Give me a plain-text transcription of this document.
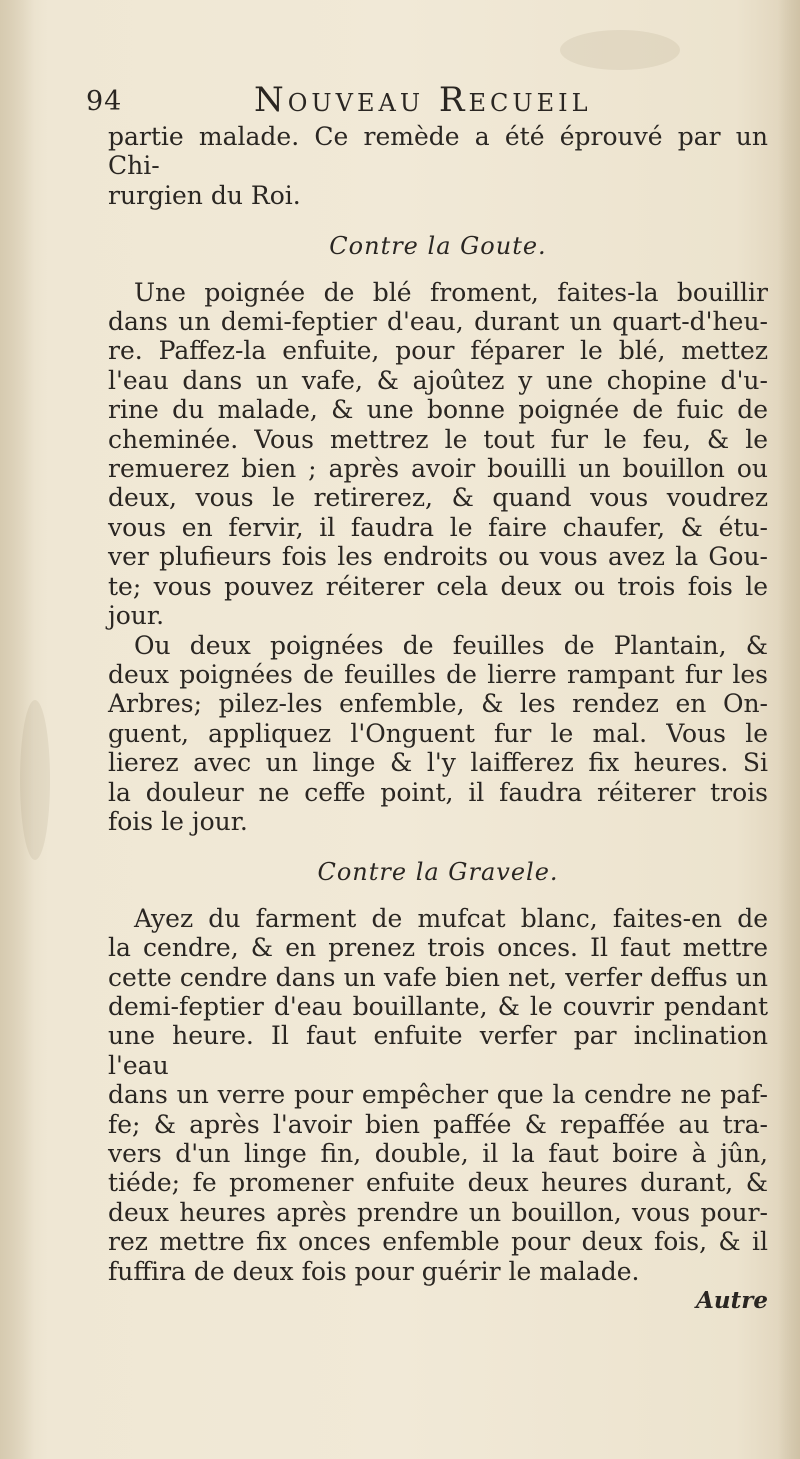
94	Nouveau Recueil

partie malade. Ce remède a été éprouvé par un Chi-
rurgien du Roi.

Contre la Goute.

Une poignée de blé froment, faites-la bouillir

dans un demi-feptier d'eau, durant un quart-d'heu-
re. Paffez-la enfuite, pour féparer le blé, mettez
l'eau dans un vafe, & ajoûtez y une chopine d'u-
rine du malade, & une bonne poignée de fuic de
cheminée. Vous mettrez le tout fur le feu, & le
remuerez bien ; après avoir bouilli un bouillon ou
deux, vous le retirerez, & quand vous voudrez
vous en fervir, il faudra le faire chaufer, & étu-
ver plufieurs fois les endroits ou vous avez la Gou-
te; vous pouvez réiterer cela deux ou trois fois le
jour.

Ou deux poignées de feuilles de Plantain, &

deux poignées de feuilles de lierre rampant fur les
Arbres; pilez-les enfemble, & les rendez en On-
guent, appliquez l'Onguent fur le mal. Vous le
lierez avec un linge & l'y laifferez fix heures. Si
la douleur ne ceffe point, il faudra réiterer trois
fois le jour.

Contre la Gravele.

Ayez du farment de mufcat blanc, faites-en de

la cendre, & en prenez trois onces. Il faut mettre
cette cendre dans un vafe bien net, verfer deffus un
demi-feptier d'eau bouillante, & le couvrir pendant
une heure. Il faut enfuite verfer par inclination l'eau
dans un verre pour empêcher que la cendre ne paf-
fe; & après l'avoir bien paffée & repaffée au tra-
vers d'un linge fin, double, il la faut boire à jûn,
tiéde; fe promener enfuite deux heures durant, &
deux heures après prendre un bouillon, vous pour-
rez mettre fix onces enfemble pour deux fois, & il
fuffira de deux fois pour guérir le malade.

Autre
